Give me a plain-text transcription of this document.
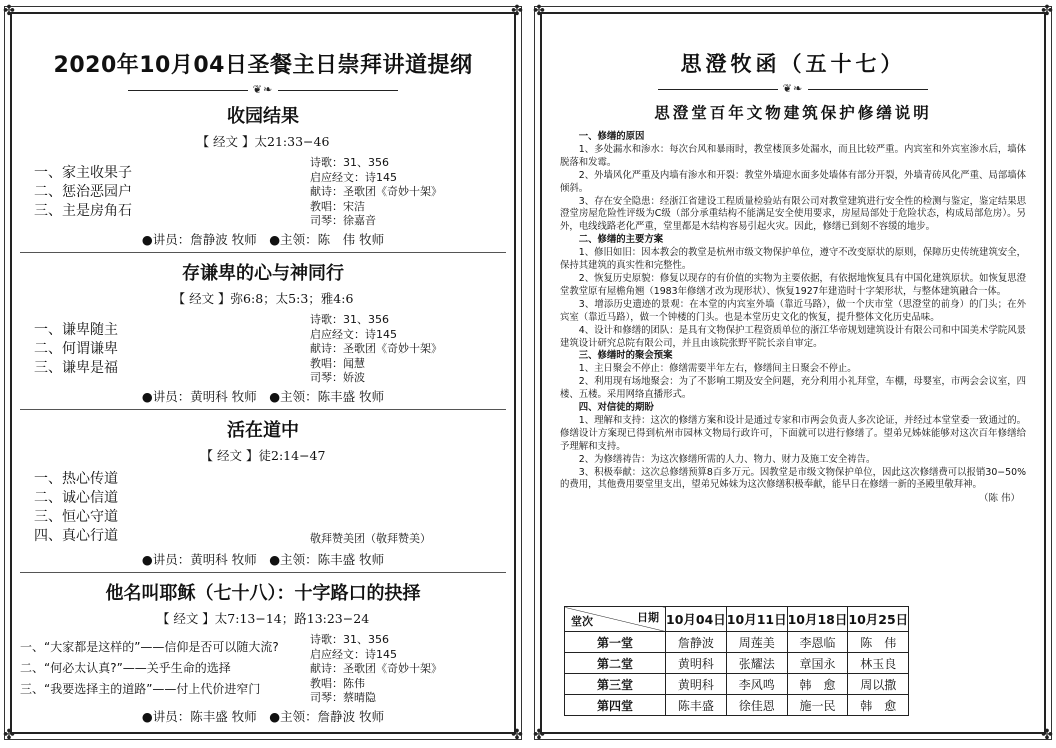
✤	✤
✤	✤
2020年10月04日圣餐主日崇拜讲道提纲
❦❧
收园结果
【 经文 】太21:33−46
一、家主收果子
二、惩治恶园户
三、主是房角石
诗歌：31、356
启应经文：诗145
献诗：圣歌团《奇妙十架》
教唱：宋洁
司琴：徐嘉音
●讲员：詹静波 牧师　●主领：陈　伟 牧师
存谦卑的心与神同行
【 经文 】弥6:8；太5:3；雅4:6
一、谦卑随主
二、何谓谦卑
三、谦卑是福
诗歌：31、356
启应经文：诗145
献诗：圣歌团《奇妙十架》
教唱：闻慧
司琴：娇波
●讲员：黄明科 牧师　●主领：陈丰盛 牧师
活在道中
【 经文 】徒2:14−47
一、热心传道
二、诚心信道
三、恒心守道
四、真心行道	敬拜赞美团（敬拜赞美）
●讲员：黄明科 牧师　●主领：陈丰盛 牧师
他名叫耶稣（七十八）：十字路口的抉择
【 经文 】太7:13−14；路13:23−24
一、“大家都是这样的”——信仰是否可以随大流?
二、“何必太认真?”——关乎生命的选择
三、“我要选择主的道路”——付上代价进窄门
诗歌：31、356
启应经文：诗145
献诗：圣歌团《奇妙十架》
教唱：陈伟
司琴：蔡晴隐
●讲员：陈丰盛 牧师　●主领：詹静波 牧师
✤	✤
✤	✤
思澄牧函（五十七）
❦❧
思澄堂百年文物建筑保护修缮说明

一、修缮的原因

1、多处漏水和渗水：每次台风和暴雨时，教堂楼顶多处漏水，而且比较严重。内宾室和外宾室渗水后，墙体脱落和发霉。

2、外墙风化严重及内墙有渗水和开裂：教堂外墙迎水面多处墙体有部分开裂，外墙青砖风化严重、局部墙体倾斜。

3、存在安全隐患：经浙江省建设工程质量检验站有限公司对教堂建筑进行安全性的检测与鉴定，鉴定结果思澄堂房屋危险性评级为C级（部分承重结构不能满足安全使用要求，房屋局部处于危险状态，构成局部危房）。另外，电线线路老化严重，堂里都是木结构容易引起火灾。因此，修缮已到刻不容缓的地步。

二、修缮的主要方案

1、修旧如旧：因本教会的教堂是杭州市级文物保护单位，遵守不改变原状的原则，保障历史传统建筑安全，保持其建筑的真实性和完整性。

2、恢复历史原貌：修复以现存的有价值的实物为主要依据，有依据地恢复具有中国化建筑原状。如恢复思澄堂教堂原有屋檐角翘（1983年修缮才改为现形状）、恢复1927年建造时十字架形状，与整体建筑融合一体。

3、增添历史遗迹的景观：在本堂的内宾室外墙（靠近马路），做一个庆市堂（思澄堂的前身）的门头；在外宾室（靠近马路），做一个钟楼的门头。也是本堂历史文化的恢复，提升整体文化历史品味。

4、设计和修缮的团队：是具有文物保护工程资质单位的浙江华帝规划建筑设计有限公司和中国美术学院风景建筑设计研究总院有限公司，并且由该院张野平院长亲自审定。

三、修缮时的聚会预案

1、主日聚会不停止：修缮需要半年左右，修缮间主日聚会不停止。

2、利用现有场地聚会：为了不影响工期及安全问题，充分利用小礼拜堂，车棚，母婴室，市两会会议室，四楼、五楼。采用网络直播形式。

四、对信徒的期盼

1、理解和支持：这次的修缮方案和设计是通过专家和市两会负责人多次论证，并经过本堂堂委一致通过的。修缮设计方案现已得到杭州市园林文物局行政许可，下面就可以进行修缮了。望弟兄姊妹能够对这次百年修缮给予理解和支持。

2、为修缮祷告：为这次修缮所需的人力、物力、财力及施工安全祷告。

3、积极奉献：这次总修缮预算8百多万元。因教堂是市级文物保护单位，因此这次修缮费可以报销30−50%的费用，其他费用要堂里支出，望弟兄姊妹为这次修缮积极奉献，能早日在修缮一新的圣殿里敬拜神。

（陈 伟）
日期
堂次	10月04日	10月11日	10月18日	10月25日
第一堂	詹静波	周莲美	李恩临	陈　伟
第二堂	黄明科	张耀法	章国永	林玉良
第三堂	黄明科	李风鸣	韩　愈	周以撒
第四堂	陈丰盛	徐佳恩	施一民	韩　愈
